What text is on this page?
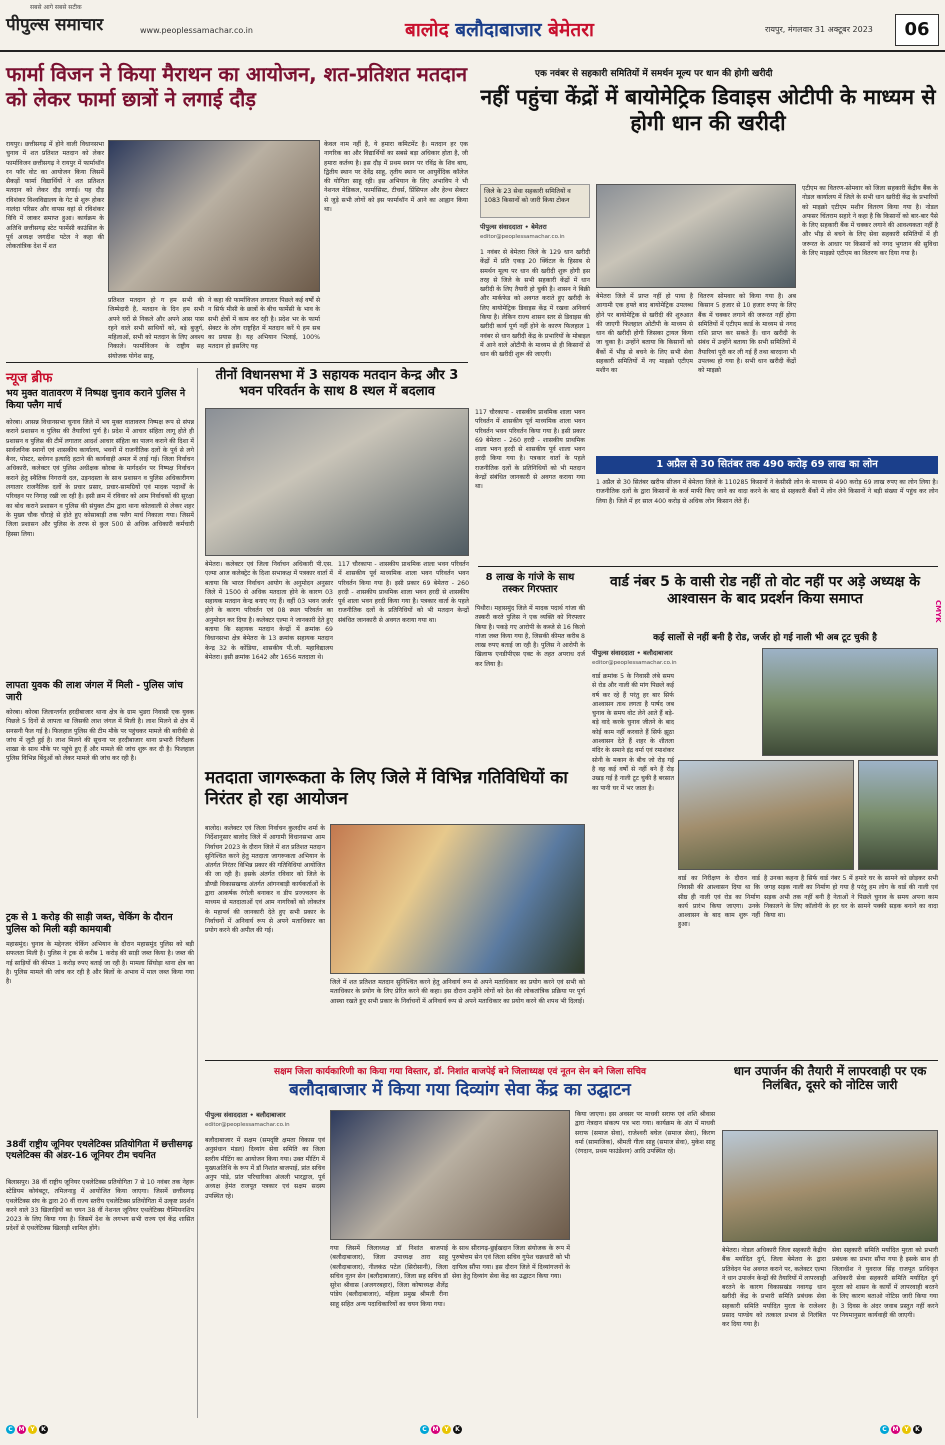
सबसे आगे सबसे सटीक
पीपुल्स समाचार	www.peoplessamachar.co.in	बालोद बलौदाबाजार बेमेतरा	रायपुर, मंगलवार 31 अक्टूबर 2023	06
फार्मा विजन ने किया मैराथन का आयोजन, शत-प्रतिशत मतदान को लेकर फार्मा छात्रों ने लगाई दौड़
रायपुर। छत्तीसगढ़ में होने वाली विधानसभा चुनाव में शत प्रतिशत मतदान को लेकर फार्माविजन छत्तीसगढ़ ने रायपुर में फार्माथॉन रन फॉर वोट का आयोजन किया जिसमें सैकड़ों फार्मा विद्यार्थियों ने शत प्रतिशत मतदान को लेकर दौड़ लगाई। यह दौड़ रविशंकर विश्वविद्यालय के गेट से शुरू होकर नालंदा परिसर और वापस वहां से रविशंकर विवि में जाकर समाप्त हुआ। कार्यक्रम के अतिथि छत्तीसगढ़ स्टेट फार्मेसी काउंसिल के पूर्व अध्यक्ष जगदीश पटेल ने कहा की लोकतांत्रिक देश में शत
प्रतिशत मतदान हो ग हम सभी की जिम्मेदारी है, मतदान के दिन हम सभी अपने घरों से निकले और अपने आस पास रहने वाले सभी साथियों को, बड़े बुजुर्ग, महिलाओं, सभी को मतदान के लिए अवश्य निकाले। फार्माविजन के राष्ट्रीय सह संयोजक योगेश साहू,
ने कहा की फार्माविजन लगातार पिछले कई वर्षों से न सिर्फ मीसी के छात्रों के बीच फार्मेसी के भाव के सभी क्षेत्रों में काम कर रही है। प्रदेश भर के फार्मा सेक्टर के लोग राष्ट्रहित में मतदान करें ये हम सब का प्रयास है। यह अभियान भिलाई, 100% मतदान हो इसलिए यह
केवल नाम नहीं है, ये हमारा कमिटमेंट है। मतदान हर एक नागरिक का और विद्यार्थियों का सबसे बड़ा अधिकार होता है, जी हमारा कर्तव्य है। इस दौड़ में प्रथम स्थान पर रविंद्र के शिव बाघ, द्वितीय स्थान पर देवेंद्र साहू, तृतीय स्थान पर आयुर्वेदिक कॉलेज की योगिता साहू रही। इस अभियान के लिए अभाविप ने भी नेशनल मेडिकल, फार्मासिस्ट, टीचर्स, प्रिंसिपल और हेल्थ सेक्टर से जुड़े सभी लोगों को इस फार्माथॉन में आने का आह्वान किया था।
न्यूज ब्रीफ
भय मुक्त वातावरण में निष्पक्ष चुनाव कराने पुलिस ने किया फ्लैग मार्च
कोरबा। आसन्न विधानसभा चुनाव जिले में भय मुक्त वातावरण निष्पक्ष रूप से संपन्न कराने प्रशासन व पुलिस की तैयारियां पूर्ण है। प्रदेश में आचार संहिता लागू होते ही प्रशासन व पुलिस की टीमें लगातार आदर्श आचार संहिता का पालन कराने की दिशा में सार्वजनिक स्थानों एवं शासकीय कार्यालय, भवनों में राजनीतिक दलों के पूर्व से लगे बैनर, पोस्टर, स्लोगन इत्यादि हटाने की कार्यवाही अमल में लाई गई। जिला निर्वाचन अधिकारी, कलेक्टर एवं पुलिस अधीक्षक कोरबा के मार्गदर्शन पर निष्पक्ष निर्वाचन कराने हेतु स्थैतिक निगरानी दल, उड़नदस्ता के साथ प्रशासन व पुलिस अधिकारीगण लगातार राजनैतिक दलों के प्रचार प्रसार, प्रचार-सामग्रियों एवं मादक पदार्थों के परिवहन पर निगाह रखी जा रही है। इसी क्रम में रविवार को आम निर्वाचकों की सुरक्षा का बोध कराने प्रशासन व पुलिस की संयुक्त टीम द्वारा थाना कोतवाली से लेकर शहर के मुख्य चौक चौराहे से होते हुए कोसाबाड़ी तक फ्लैग मार्च निकाला गया। जिसमें जिला प्रशासन और पुलिस के तरफ से कुल 500 से अधिक अधिकारी कर्मचारी हिस्सा लिया।
लापता युवक की लाश जंगल में मिली - पुलिस जांच जारी
कोरबा। कोरबा जिलान्तर्गत हरदीबाजार थाना क्षेत्र के ग्राम भुडरा निवासी एक युवक पिछले 5 दिनों से लापता था जिसकी लाश जंगल में मिली है। लाश मिलने से क्षेत्र में सनसनी फैल गई है। फिलहाल पुलिस की टीम मौके पर पहुंचकर मामले की बारीकी से जांच में जुटी हुई है। लाश मिलने की सूचना पर हरदीबाजार थाना प्रभारी निरीक्षक शाखा के साथ मौके पर पहुंचे हुए हैं और मामले की जांच शुरू कर दी है। फिलहाल पुलिस विभिन्न बिंदुओं को लेकर मामले की जांच कर रही है।
ट्रक से 1 करोड़ की साड़ी जब्त, चेकिंग के दौरान पुलिस को मिली बड़ी कामयाबी
महासमुंद। चुनाव के मद्देनजर चेकिंग अभियान के दौरान महासमुंद पुलिस को बड़ी सफलता मिली है। पुलिस ने ट्रक से करीब 1 करोड़ की साड़ी जब्त किया है। जब्त की गई साड़ियों की कीमत 1 करोड़ रुपए बताई जा रही है। मामला सिंघोड़ा थाना क्षेत्र का है। पुलिस मामले की जांच कर रही है और बिलों के अभाव में माल जब्त किया गया है।
38वीं राष्ट्रीय जूनियर एथलेटिक्स प्रतियोगिता में छत्तीसगढ़ एथलेटिक्स की अंडर-16 जूनियर टीम चयनित
बिलासपुर। 38 वीं राष्ट्रीय जूनियर एथलेटिक्स प्रतियोगिता 7 से 10 नवंबर तक नेहरू स्टेडियम कोयंबटूर, तमिलनाडु में आयोजित किया जाएगा। जिसमें छत्तीसगढ़ एथलेटिक्स संघ के द्वारा 20 वीं राज्य स्तरीय एथलेटिक्स प्रतियोगिता में उत्कृष्ट प्रदर्शन करने वाले 33 खिलाड़ियों का चयन 38 वीं नेशनल जूनियर एथलेटिक्स चैम्पियनशिप 2023 के लिए किया गया है। जिसमें देश के लगभग सभी राज्य एवं केंद्र शासित प्रदेशों से एथलेटिक्स खिलाड़ी शामिल होंगे।
तीनों विधानसभा में 3 सहायक मतदान केन्द्र और 3 भवन परिवर्तन के साथ 8 स्थल में बदलाव
बेमेतरा। कलेक्टर एवं जिला निर्वाचन अधिकारी पी.एस. एल्मा आज कलेक्ट्रेट के दिशा सभाकक्ष में पत्रकार वार्ता में बताया कि भारत निर्वाचन आयोग के अनुमोदन अनुसार जिले में 1500 से अधिक मतदाता होने के कारण 03 सहायक मतदान केन्द्र बनाए गए हैं। वहीं 03 भवन जर्जर होने के कारण परिवर्तन एवं 08 स्थल परिवर्तन का अनुमोदन कर दिया है। कलेक्टर एल्मा ने जानकारी देते हुए बताया कि सहायक मतदान केन्द्रों में क्रमांक 69 विधानसभा क्षेत्र बेमेतरा के 13 क्रमांक सहायक मतदान केन्द्र 32 के कोंडिया, शासकीय पी.जी. महाविद्यालय बेमेतरा। इसी क्रमांक 1642 और 1656 मतदाता थे।
117 चौरकापा - शासकीय प्राथमिक शाला भवन परिवर्तन में शासकीय पूर्व माध्यमिक शाला भवन परिवर्तन भवन परिवर्तन किया गया है। इसी प्रकार 69 बेमेतरा - 260 हरदी - शासकीय प्राथमिक शाला भवन हरदी से शासकीय पूर्व शाला भवन हरदी किया गया है। पत्रकार वार्ता के पहले राजनीतिक दलों के प्रतिनिधियों को भी मतदान केन्द्रों संबंधित जानकारी से अवगत कराया गया था।
मतदाता जागरूकता के लिए जिले में विभिन्न गतिविधियों का निरंतर हो रहा आयोजन
बालोद। कलेक्टर एवं जिला निर्वाचन कुलदीप शर्मा के निर्देशानुसार बालोद जिले में आगामी विधानसभा आम निर्वाचन 2023 के दौरान जिले में शत प्रतिशत मतदान सुनिश्चित करने हेतु मतदाता जागरूकता अभियान के अंतर्गत निरंतर विभिन्न प्रकार की गतिविधियां आयोजित की जा रही है। इसके अंतर्गत रविवार को जिले के डौण्डी विकासखण्ड अंतर्गत आंगनबाड़ी कार्यकर्ताओं के द्वारा आकर्षक रंगोली बनाकर व डीप प्रज्ज्वलन के माध्यम से मतदाताओं एवं आम नागरिकों को लोकतंत्र के महापर्व की जानकारी देते हुए सभी प्रकार के निर्वाचनों में अनिवार्य रूप से अपने मताधिकार का प्रयोग करने की अपील की गई।
जिले में शत प्रतिशत मतदान सुनिश्चित करने हेतु अनिवार्य रूप से अपने मताधिकार का प्रयोग करने एवं सभी को मताधिकार के प्रयोग के लिए प्रेरित करने की कहा। इस दौरान उन्होंने लोगों को देश की लोकतांत्रिक प्रक्रिया पर पूर्ण आस्था रखते हुए सभी प्रकार के निर्वाचनों में अनिवार्य रूप से अपने मताधिकार का प्रयोग करने की शपथ भी दिलाई।
8 लाख के गांजे के साथ तस्कर गिरफ्तार
पिथौरा। महासमुंद जिले में मादक पदार्थ गांजा की तस्करी करते पुलिस ने एक व्यक्ति को गिरफ्तार किया है। पकड़े गए आरोपी के कब्जे से 16 किलो गांजा जब्त किया गया है, जिसकी कीमत करीब 8 लाख रुपए बताई जा रही है। पुलिस ने आरोपी के खिलाफ एनडीपीएस एक्ट के तहत अपराध दर्ज कर लिया है।
117 चौरकापा - शासकीय प्राथमिक शाला भवन परिवर्तन में शासकीय पूर्व माध्यमिक शाला भवन परिवर्तन भवन परिवर्तन किया गया है। इसी प्रकार 69 बेमेतरा - 260 हरदी - शासकीय प्राथमिक शाला भवन हरदी से शासकीय पूर्व शाला भवन हरदी किया गया है। पत्रकार वार्ता के पहले राजनीतिक दलों के प्रतिनिधियों को भी मतदान केन्द्रों संबंधित जानकारी से अवगत कराया गया था।
एक नवंबर से सहकारी समितियों में समर्थन मूल्य पर धान की होगी खरीदी
नहीं पहुंचा केंद्रों में बायोमेट्रिक डिवाइस ओटीपी के माध्यम से होगी धान की खरीदी
जिले के 23 सेवा सहकारी समितियों व 1083 किसानों को जारी किया टोकन
पीपुल्स संवाददाता • बेमेतरा
editor@peoplessamachar.co.in
1 नवंबर से बेमेतरा जिले के 129 धान खरीदी केंद्रों में प्रति एकड़ 20 क्विंटल के हिसाब से समर्थन मूल्य पर धान की खरीदी शुरू होगी इस तरह से जिले के सभी सहकारी केंद्रों में धान खरीदी के लिए तैयारी हो चुकी है। शासन ने बिक्री और मार्कफेड को अवगत कराते हुए खरीदी के लिए बायोमेट्रिक डिवाइस केंद्र में रखवा अनिवार्य किया है। लेकिन राज्य शासन स्तर से डिवाइस की खरीदी कार्य पूर्ण नहीं होने के कारण फिलहाल 1 नवंबर से धान खरीदी केंद्र के प्रभारियों के मोबाइल में आने वाले ओटीपी के माध्यम से ही किसानों से धान की खरीदी शुरू की जाएगी।
बेमेतरा जिले में प्राप्त नहीं हो पाया है आगामी एक हफ्ते बाद बायोमेट्रिक उपलब्ध होने पर बायोमेट्रिक से खरीदी की शुरुआत की जाएगी फिलहाल ओटीपी के माध्यम से धान की खरीदी होगी जिसका ट्रायल किया जा चुका है। उन्होंने बताया कि किसानों को बैंकों में भीड़ से बचने के लिए सभी सेवा सहकारी समितियों में नए माइक्रो एटीएम मशीन का
वितरण सोमवार को किया गया है। अब किसान 5 हजार से 10 हजार रुपए के लिए बैंक में चक्कर लगाने की जरूरत नहीं होगा समितियों में एटीएम कार्ड के माध्यम से नगद राशि प्राप्त कर सकते हैं। धान खरीदी के संबंध में उन्होंने बताया कि सभी समितियों में तैयारियां पूरी कर ली गई हैं तथा बारदाना भी उपलब्ध हो गया है। सभी धान खरीदी केंद्रों को माइक्रो
एटीएम का वितरण-सोमवार को जिला सहकारी केंद्रीय बैंक के नोडल कार्यालय में जिले के सभी धान खरीदी केंद्र के प्रभारियों को माइक्रो एटीएम मशीन वितरण किया गया है। नोडल अफसर चिंतराम सहारे ने कहा है कि किसानों को बार-बार पैसे के लिए सहकारी बैंक में चक्कर लगाने की आवश्यकता नहीं है और भीड़ से बचने के लिए सेवा सहकारी समितियों में ही जरूरत के आधार पर किसानों को नगद भुगतान की सुविधा के लिए माइक्रो एटीएम का वितरण कर दिया गया है।
1 अप्रैल से 30 सितंबर तक 490 करोड़ 69 लाख का लोन
1 अप्रैल से 30 सितंबर खरीफ सीजन में बेमेतरा जिले के 110285 किसानों ने केसीसी लोन के माध्यम से 490 करोड़ 69 लाख रुपए का लोन लिया है। राजनीतिक दलों के द्वारा किसानों के कर्ज माफी किए जाने का वादा करने के बाद से सहकारी बैंकों में लोन लेने किसानों ने बड़ी संख्या में पहुंच कर लोन लिया है। जिले में हर साल 400 करोड़ से अधिक लोन किसान लेते हैं।
वार्ड नंबर 5 के वासी रोड नहीं तो वोट नहीं पर अड़े अध्यक्ष के आश्वासन के बाद प्रदर्शन किया समाप्त
कई सालों से नहीं बनी है रोड, जर्जर हो गई नाली भी अब टूट चुकी है
पीपुल्स संवाददाता • बलौदाबाजार
editor@peoplessamachar.co.in
वार्ड क्रमांक 5 के निवासी लंबे समय से रोड और नाली की मांग पिछले कई वर्ष कर रहे हैं परंतु हर बार सिर्फ आश्वासन ताथ लगता है पार्षद जब चुनाव के समय वोट लेने आते हैं बड़े-बड़े वादे करके चुनाव जीतने के बाद कोई काम नहीं करवाते हैं सिर्फ झूठा आश्वासन देते हैं शहर के शीतला मंदिर के समाने इंद्र वर्मा एवं रमाशंकर सोनी के मकान के बीच जो रोड़ गई है वह कई वर्षों से नहीं बने हैं रोड़ उखड़ गई है नाली टूट चुकी है बरसात का पानी घर में भर जाता है।
वार्ड का निरीक्षण के दौरान वार्ड निवासी की आश्वासन दिया था कि सीघ्र ही नाली एवं रोड का निर्माण कार्य प्रारंभ किया जाएगा। उनके आश्वासन के बाद काम शुरू नहीं हुआ।
है उनका कहना है सिर्फ वार्ड नंबर 5 में हमारे घर के सामने को छोड़कर सभी जगह सड़क नाली का निर्माण हो गया है परंतु हम लोग के वार्ड की नाली एवं सड़क अभी तक नहीं बनी है नेताओं ने पिछले चुनाव के समय अपना काम निकालने के लिए कॉलोनी के हर घर के सामने पक्की सड़क बनाने का वादा किया था।
सक्षम जिला कार्यकारिणी का किया गया विस्तार, डॉ. निशांत बाजपेई बने जिलाध्यक्ष एवं नूतन सेन बने जिला सचिव
बलौदाबाजार में किया गया दिव्यांग सेवा केंद्र का उद्घाटन
पीपुल्स संवाददाता • बलौदाबाजार
editor@peoplessamachar.co.in
बलौदाबाजार में सक्षम (समदृष्टि क्षमता विकास एवं अनुसंधान मंडल) दिव्यांग सेवा समिति का जिला स्तरीय मीटिंग का आयोजन किया गया। उक्त मीटिंग में मुख्यअतिथि के रूप में डॉ निशांत बाजपाई, प्रांत सचिव अनुप पांडे, प्रांत परिचारिका अंजली भारद्वाज, पूर्व अध्यक्ष हेमंत राजपूत पत्रकार एवं सक्षम सदस्य उपस्थित रहे।
गया जिसमें जिलाध्यक्ष डॉ निशांत बाजपाई (बलौदाबाजार), जिला उपाध्यक्ष तारा साहू (बलौदाबाजार), नीलकंठ पटेल (सिरोसानी), जिला सचिव नूतन सेन (बलौदाबाजार), जिला सह सचिव डॉ सुरेश श्रीवास (अजगरबहार), जिला कोषाध्यक्ष शैलेंद्र पांडेय (बलौदाबाजार), महिला प्रमुख श्रीमती रीना साहू सहित अन्य पदाधिकारियों का चयन किया गया।
के साथ सीरागढ़-छुईखदान जिला संयोजक के रूप में पुरुषोत्तम सेन एवं जिला सचिव गुपेश चक्रधारी को भी दायित्व सौंपा गया। इस दौरान जिले में दिव्यांगजनों के सेवा हेतु दिव्यांग सेवा केंद्र का उद्घाटन किया गया।
किया जाएगा। इस अवसर पर माधवी सराफ एवं शशि श्रीवास द्वारा नेत्रदान संकल्प पत्र भरा गया। कार्यक्रम के अंत में माधवी सराफ (समाज सेवा), राजेश्वरी बघेल (समाज सेवा), किरण वर्मा (सामाजिक), श्रीमती गीता साहू (समाज सेवा), मुकेश साहू (रंगदान, प्रथम फाउंडेशन) आदि उपस्थित रहे।
धान उपार्जन की तैयारी में लापरवाही पर एक निलंबित, दूसरे को नोटिस जारी
बेमेतरा। नोडल अधिकारी जिला सहकारी केंद्रीय बैंक मर्यादित दुर्ग, जिला बेमेतरा के द्वारा प्रतिवेदन पेश अवगत कराने पर, कलेक्टर एल्मा ने धान उपार्जन केन्द्रों की तैयारियों में लापरवाही बरतने के कारण विकासखंड नवागढ़ धान खरीदी केंद्र के प्रभारी समिति प्रबंधक सेवा सहकारी समिति मर्यादित मुरता के राजेश्वर प्रसाद पाण्डेय को तत्काल प्रभाव से निलंबित कर दिया गया है।
सेवा सहकारी समिति मर्यादित मुरता को प्रभारी प्रबंधक का प्रभार सौंपा गया है इसके साथ ही जिलाधीश ने युवराज सिंह राजपूत प्राधिकृत अधिकारी सेवा सहकारी समिति मर्यादित दुर्ग मुरता को शासन के कार्यों में लापरवाही बरतने के लिए कारण बताओ नोटिस जारी किया गया है। 3 दिवस के अंदर जवाब प्रस्तुत नहीं करने पर नियमानुसार कार्यवाही की जाएगी।
C M Y K	C M Y K	C M Y K
CMYK
